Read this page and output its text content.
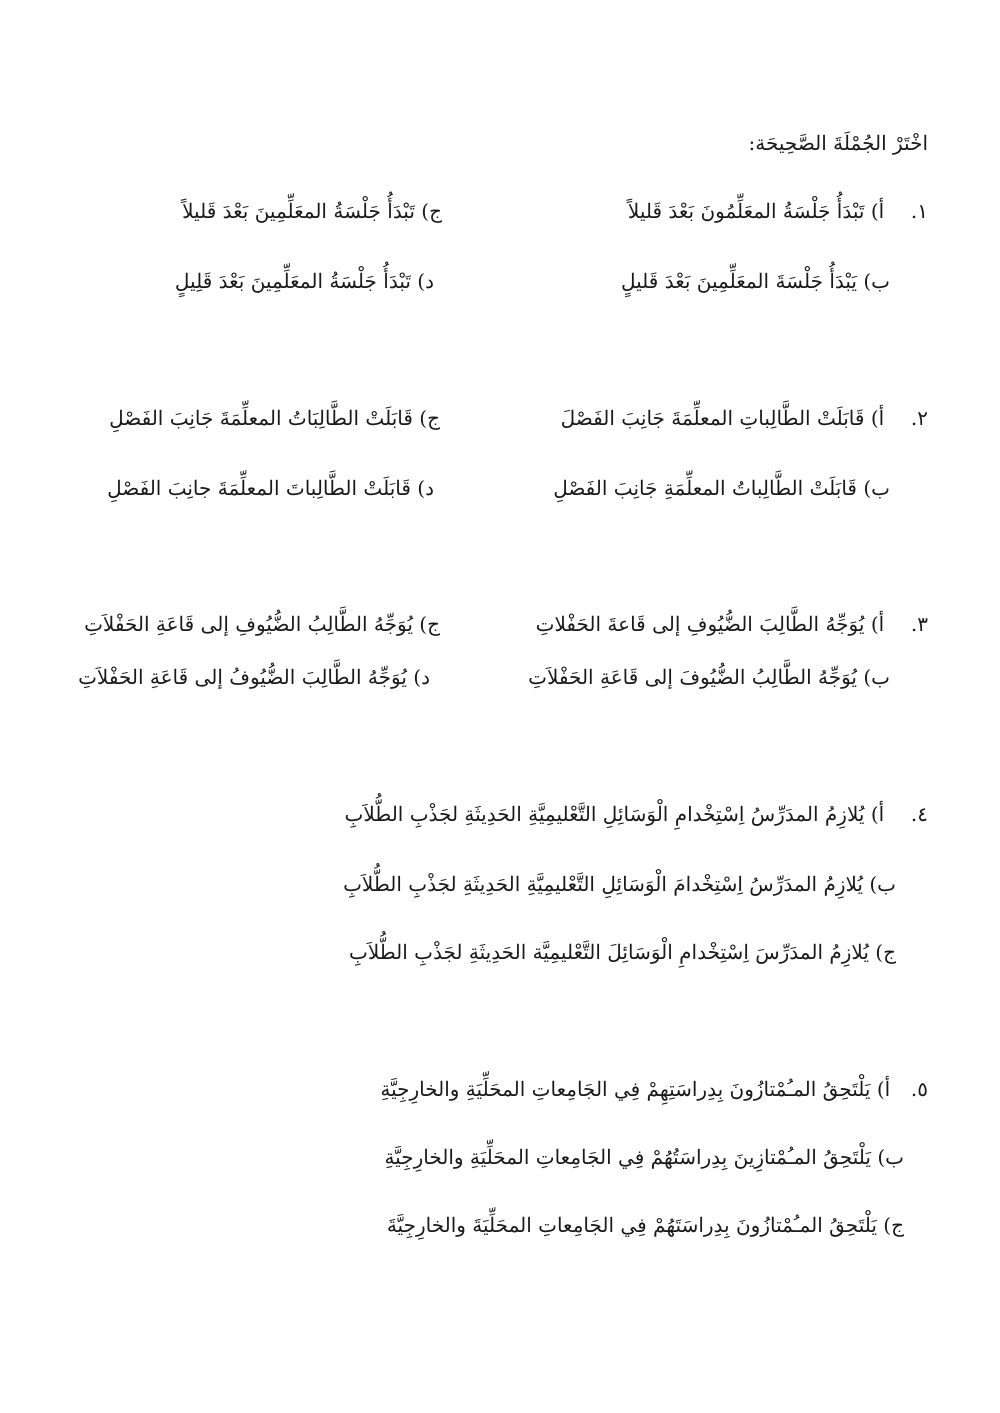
اخْتَرْ الجُمْلَةَ الصَّحِيحَة:
١.  أ) تَبْدَأُ جَلْسَةُ المعَلِّمُونَ بَعْدَ قَليلاً
ب) يَبْدَأُ جَلْسَةَ المعَلِّمِينَ بَعْدَ قَليلٍ
ج) تَبْدَأُ جَلْسَةُ المعَلِّمِينَ بَعْدَ قَليلاً
د) تَبْدَأُ جَلْسَةُ المعَلِّمِينَ بَعْدَ قَلِيلٍ
٢.  أ) قَابَلَتْ الطَّالِباتِ المعلِّمَةَ جَانِبَ الفَصْلَ
ب) قَابَلَتْ الطَّالِباتُ المعلِّمَةِ جَانِبَ الفَصْلِ
ج) قَابَلَتْ الطَّالِبَاتُ المعلِّمَةَ جَانِبَ الفَصْلِ
د) قَابَلَتْ الطَّالِباتَ المعلِّمَةَ جانِبَ الفَصْلِ
٣.  أ) يُوَجِّهُ الطَّالِبَ الضُّيُوفِ إلى قَاعةَ الحَفْلاتِ
ب) يُوَجِّهُ الطَّالِبُ الضُّيُوفَ إلى قَاعَةِ الحَفْلاَتِ
ج) يُوَجِّهُ الطَّالِبُ الضُّيُوفِ إلى قَاعَةِ الحَفْلاَتِ
د) يُوَجِّهُ الطَّالِبَ الضُّيُوفُ إلى قَاعَةِ الحَفْلاَتِ
٤.  أ) يُلازِمُ المدَرِّسُ اِسْتِخْدامِ الْوَسَائِلِ التَّعْليمِيَّةِ الحَدِيثَةِ لجَذْبِ الطُّلاَبِ
ب) يُلازِمُ المدَرِّسُ اِسْتِخْدامَ الْوَسَائِلِ التَّعْليمِيَّةِ الحَدِيثَةِ لجَذْبِ الطُّلاَبِ
ج) يُلازِمُ المدَرِّسَ اِسْتِخْدامِ الْوَسَائِلَ التَّعْليمِيَّة الحَدِيثَةِ لجَذْبِ الطُّلاَبِ
٥.  أ) يَلْتَحِقُ المـُمْتازُونَ بِدِراسَتِهِمْ فِي الجَامِعاتِ المحَلِّيَةِ والخارِجِيَّةِ
ب) يَلْتَحِقُ المـُمْتازِينَ بِدِراسَتُهُمْ فِي الجَامِعاتِ المحَلِّيَةِ والخارِجِيَّةِ
ج) يَلْتَحِقُ المـُمْتازُونَ بِدِراسَتَهُمْ فِي الجَامِعاتِ المحَلِّيَةَ والخارِجِيَّةَ
